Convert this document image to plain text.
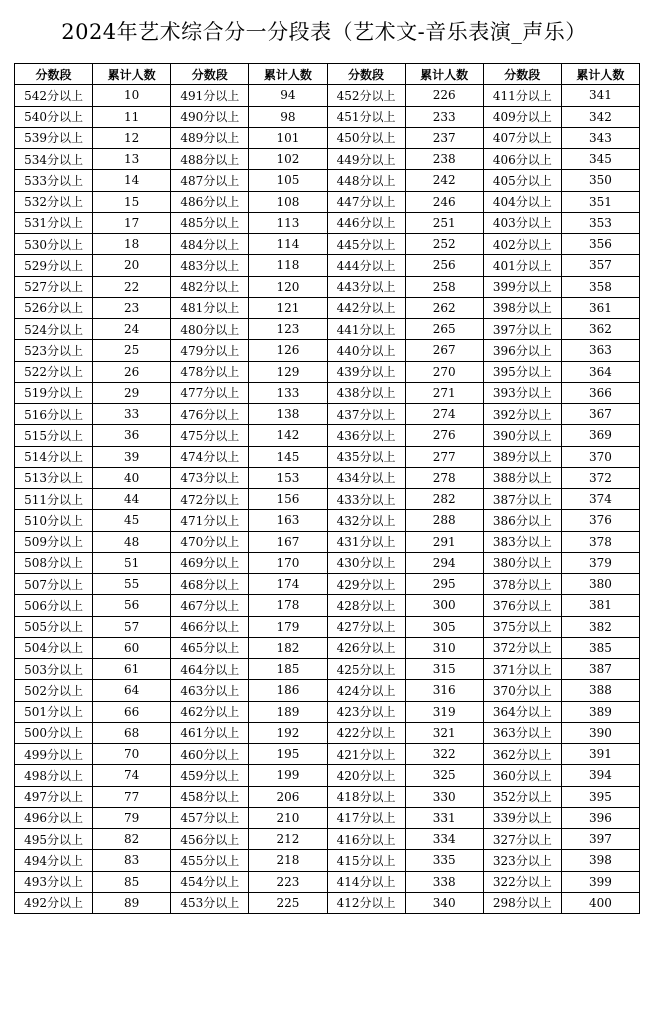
2024年艺术综合分一分段表（艺术文-音乐表演_声乐）
分数段	累计人数	分数段	累计人数	分数段	累计人数	分数段	累计人数
542分以上	10	491分以上	94	452分以上	226	411分以上	341
540分以上	11	490分以上	98	451分以上	233	409分以上	342
539分以上	12	489分以上	101	450分以上	237	407分以上	343
534分以上	13	488分以上	102	449分以上	238	406分以上	345
533分以上	14	487分以上	105	448分以上	242	405分以上	350
532分以上	15	486分以上	108	447分以上	246	404分以上	351
531分以上	17	485分以上	113	446分以上	251	403分以上	353
530分以上	18	484分以上	114	445分以上	252	402分以上	356
529分以上	20	483分以上	118	444分以上	256	401分以上	357
527分以上	22	482分以上	120	443分以上	258	399分以上	358
526分以上	23	481分以上	121	442分以上	262	398分以上	361
524分以上	24	480分以上	123	441分以上	265	397分以上	362
523分以上	25	479分以上	126	440分以上	267	396分以上	363
522分以上	26	478分以上	129	439分以上	270	395分以上	364
519分以上	29	477分以上	133	438分以上	271	393分以上	366
516分以上	33	476分以上	138	437分以上	274	392分以上	367
515分以上	36	475分以上	142	436分以上	276	390分以上	369
514分以上	39	474分以上	145	435分以上	277	389分以上	370
513分以上	40	473分以上	153	434分以上	278	388分以上	372
511分以上	44	472分以上	156	433分以上	282	387分以上	374
510分以上	45	471分以上	163	432分以上	288	386分以上	376
509分以上	48	470分以上	167	431分以上	291	383分以上	378
508分以上	51	469分以上	170	430分以上	294	380分以上	379
507分以上	55	468分以上	174	429分以上	295	378分以上	380
506分以上	56	467分以上	178	428分以上	300	376分以上	381
505分以上	57	466分以上	179	427分以上	305	375分以上	382
504分以上	60	465分以上	182	426分以上	310	372分以上	385
503分以上	61	464分以上	185	425分以上	315	371分以上	387
502分以上	64	463分以上	186	424分以上	316	370分以上	388
501分以上	66	462分以上	189	423分以上	319	364分以上	389
500分以上	68	461分以上	192	422分以上	321	363分以上	390
499分以上	70	460分以上	195	421分以上	322	362分以上	391
498分以上	74	459分以上	199	420分以上	325	360分以上	394
497分以上	77	458分以上	206	418分以上	330	352分以上	395
496分以上	79	457分以上	210	417分以上	331	339分以上	396
495分以上	82	456分以上	212	416分以上	334	327分以上	397
494分以上	83	455分以上	218	415分以上	335	323分以上	398
493分以上	85	454分以上	223	414分以上	338	322分以上	399
492分以上	89	453分以上	225	412分以上	340	298分以上	400
